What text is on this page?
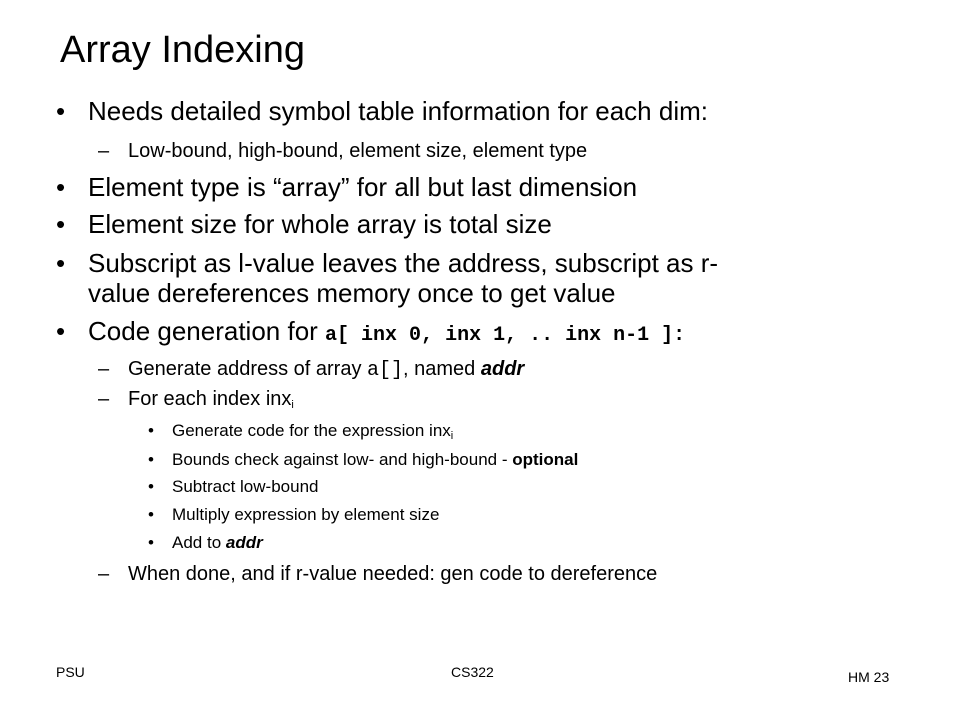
Array Indexing
• Needs detailed symbol table information for each dim:
– Low-bound, high-bound, element size, element type
• Element type is “array” for all but last dimension
• Element size for whole array is total size
• Subscript as l-value leaves the address, subscript as r-
value dereferences memory once to get value
• Code generation for a[ inx 0, inx 1, .. inx n-1 ]:
– Generate address of array a[], named addr
– For each index inx$_i$
• Generate code for the expression inx$_i$
• Bounds check against low- and high-bound - optional
• Subtract low-bound
• Multiply expression by element size
• Add to addr
– When done, and if r-value needed: gen code to dereference
PSU	CS322	HM 23
